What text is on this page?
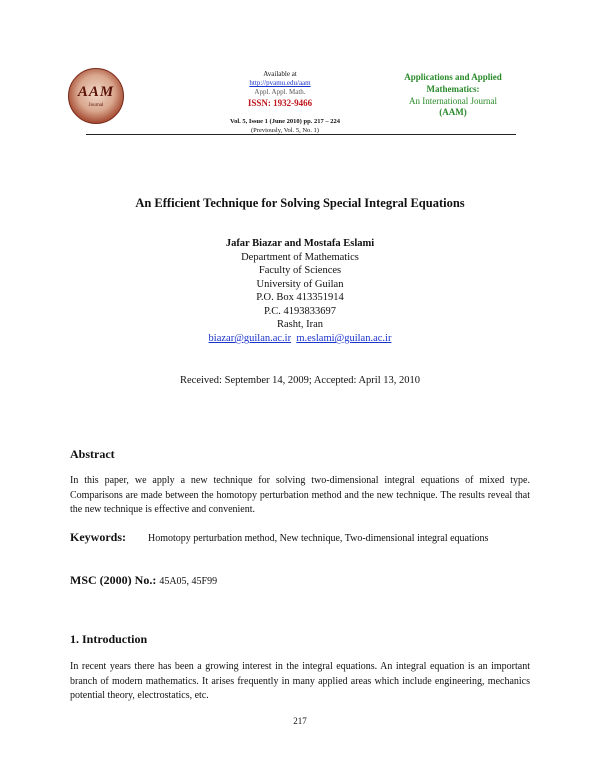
AAM
Journal
Available at
http://pvamu.edu/aam
Appl. Appl. Math.
ISSN: 1932-9466
Vol. 5, Issue 1 (June 2010) pp. 217 – 224
(Previously, Vol. 5, No. 1)
Applications and Applied
Mathematics:
An International Journal
(AAM)
An Efficient Technique for Solving Special Integral Equations
Jafar Biazar and Mostafa Eslami
Department of Mathematics
Faculty of Sciences
University of Guilan
P.O. Box 413351914
P.C. 4193833697
Rasht, Iran
biazar@guilan.ac.ir m.eslami@guilan.ac.ir
Received: September 14, 2009; Accepted: April 13, 2010
Abstract
In this paper, we apply a new technique for solving two-dimensional integral equations of mixed type. Comparisons are made between the homotopy perturbation method and the new technique. The results reveal that the new technique is effective and convenient.
Keywords: Homotopy perturbation method, New technique, Two-dimensional integral equations
MSC (2000) No.: 45A05, 45F99
1. Introduction
In recent years there has been a growing interest in the integral equations. An integral equation is an important branch of modern mathematics. It arises frequently in many applied areas which include engineering, mechanics potential theory, electrostatics, etc.
217
